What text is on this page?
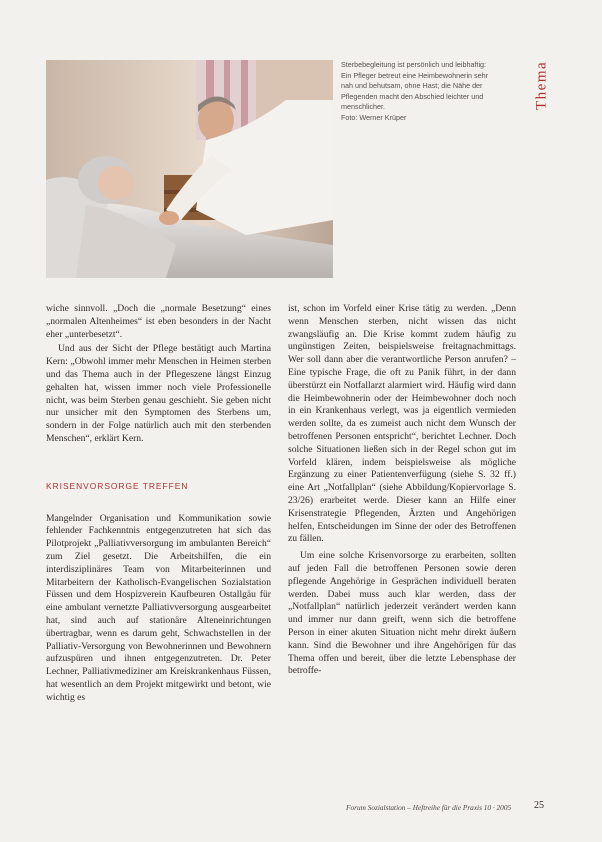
Sterbebegleitung ist persönlich und leibhaftig: Ein Pfleger betreut eine Heimbewohnerin sehr nah und behutsam, ohne Hast; die Nähe der Pflegenden macht den Abschied leichter und menschlicher.

Foto: Werner Krüper

Thema

wiche sinnvoll. „Doch die „normale Besetzung“ eines „normalen Altenheimes“ ist eben besonders in der Nacht eher „unterbesetzt“.

Und aus der Sicht der Pflege bestätigt auch Martina Kern: „Obwohl immer mehr Menschen in Heimen sterben und das Thema auch in der Pflegeszene längst Einzug gehalten hat, wissen immer noch viele Professionelle nicht, was beim Sterben genau geschieht. Sie geben nicht nur unsicher mit den Symptomen des Sterbens um, sondern in der Folge natürlich auch mit den sterbenden Menschen“, erklärt Kern.

KRISENVORSORGE TREFFEN

Mangelnder Organisation und Kommunikation sowie fehlender Fachkenntnis entgegenzutreten hat sich das Pilotprojekt „Palliativversorgung im ambulanten Bereich“ zum Ziel gesetzt. Die Arbeitshilfen, die ein interdisziplinäres Team von Mitarbeiterinnen und Mitarbeitern der Katholisch-Evangelischen Sozialstation Füssen und dem Hospizverein Kaufbeuren Ostallgäu für eine ambulant vernetzte Palliativversorgung ausgearbeitet hat, sind auch auf stationäre Alteneinrichtungen übertragbar, wenn es darum geht, Schwachstellen in der Palliativ-Versorgung von Bewohnerinnen und Bewohnern aufzuspüren und ihnen entgegenzutreten. Dr. Peter Lechner, Palliativmediziner am Kreiskrankenhaus Füssen, hat wesentlich an dem Projekt mitgewirkt und betont, wie wichtig es

ist, schon im Vorfeld einer Krise tätig zu werden. „Denn wenn Menschen sterben, nicht wissen das nicht zwangsläufig an. Die Krise kommt zudem häufig zu ungünstigen Zeiten, beispielsweise freitagnachmittags. Wer soll dann aber die verantwortliche Person anrufen? – Eine typische Frage, die oft zu Panik führt, in der dann überstürzt ein Notfallarzt alarmiert wird. Häufig wird dann die Heimbewohnerin oder der Heimbewohner doch noch in ein Krankenhaus verlegt, was ja eigentlich vermieden werden sollte, da es zumeist auch nicht dem Wunsch der betroffenen Personen entspricht“, berichtet Lechner. Doch solche Situationen ließen sich in der Regel schon gut im Vorfeld klären, indem beispielsweise als mögliche Ergänzung zu einer Patientenverfügung (siehe S. 32 ff.) eine Art „Notfallplan“ (siehe Abbildung/Kopiervorlage S. 23/26) erarbeitet werde. Dieser kann an Hilfe einer Krisenstrategie Pflegenden, Ärzten und Angehörigen helfen, Entscheidungen im Sinne der oder des Betroffenen zu fällen.

Um eine solche Krisenvorsorge zu erarbeiten, sollten auf jeden Fall die betroffenen Personen sowie deren pflegende Angehörige in Gesprächen individuell beraten werden. Dabei muss auch klar werden, dass der „Notfallplan“ natürlich jederzeit verändert werden kann und immer nur dann greift, wenn sich die betroffene Person in einer akuten Situation nicht mehr direkt äußern kann. Sind die Bewohner und ihre Angehörigen für das Thema offen und bereit, über die letzte Lebensphase der betroffe-

Forum Sozialstation – Heftreihe für die Praxis 10 · 2005 25
